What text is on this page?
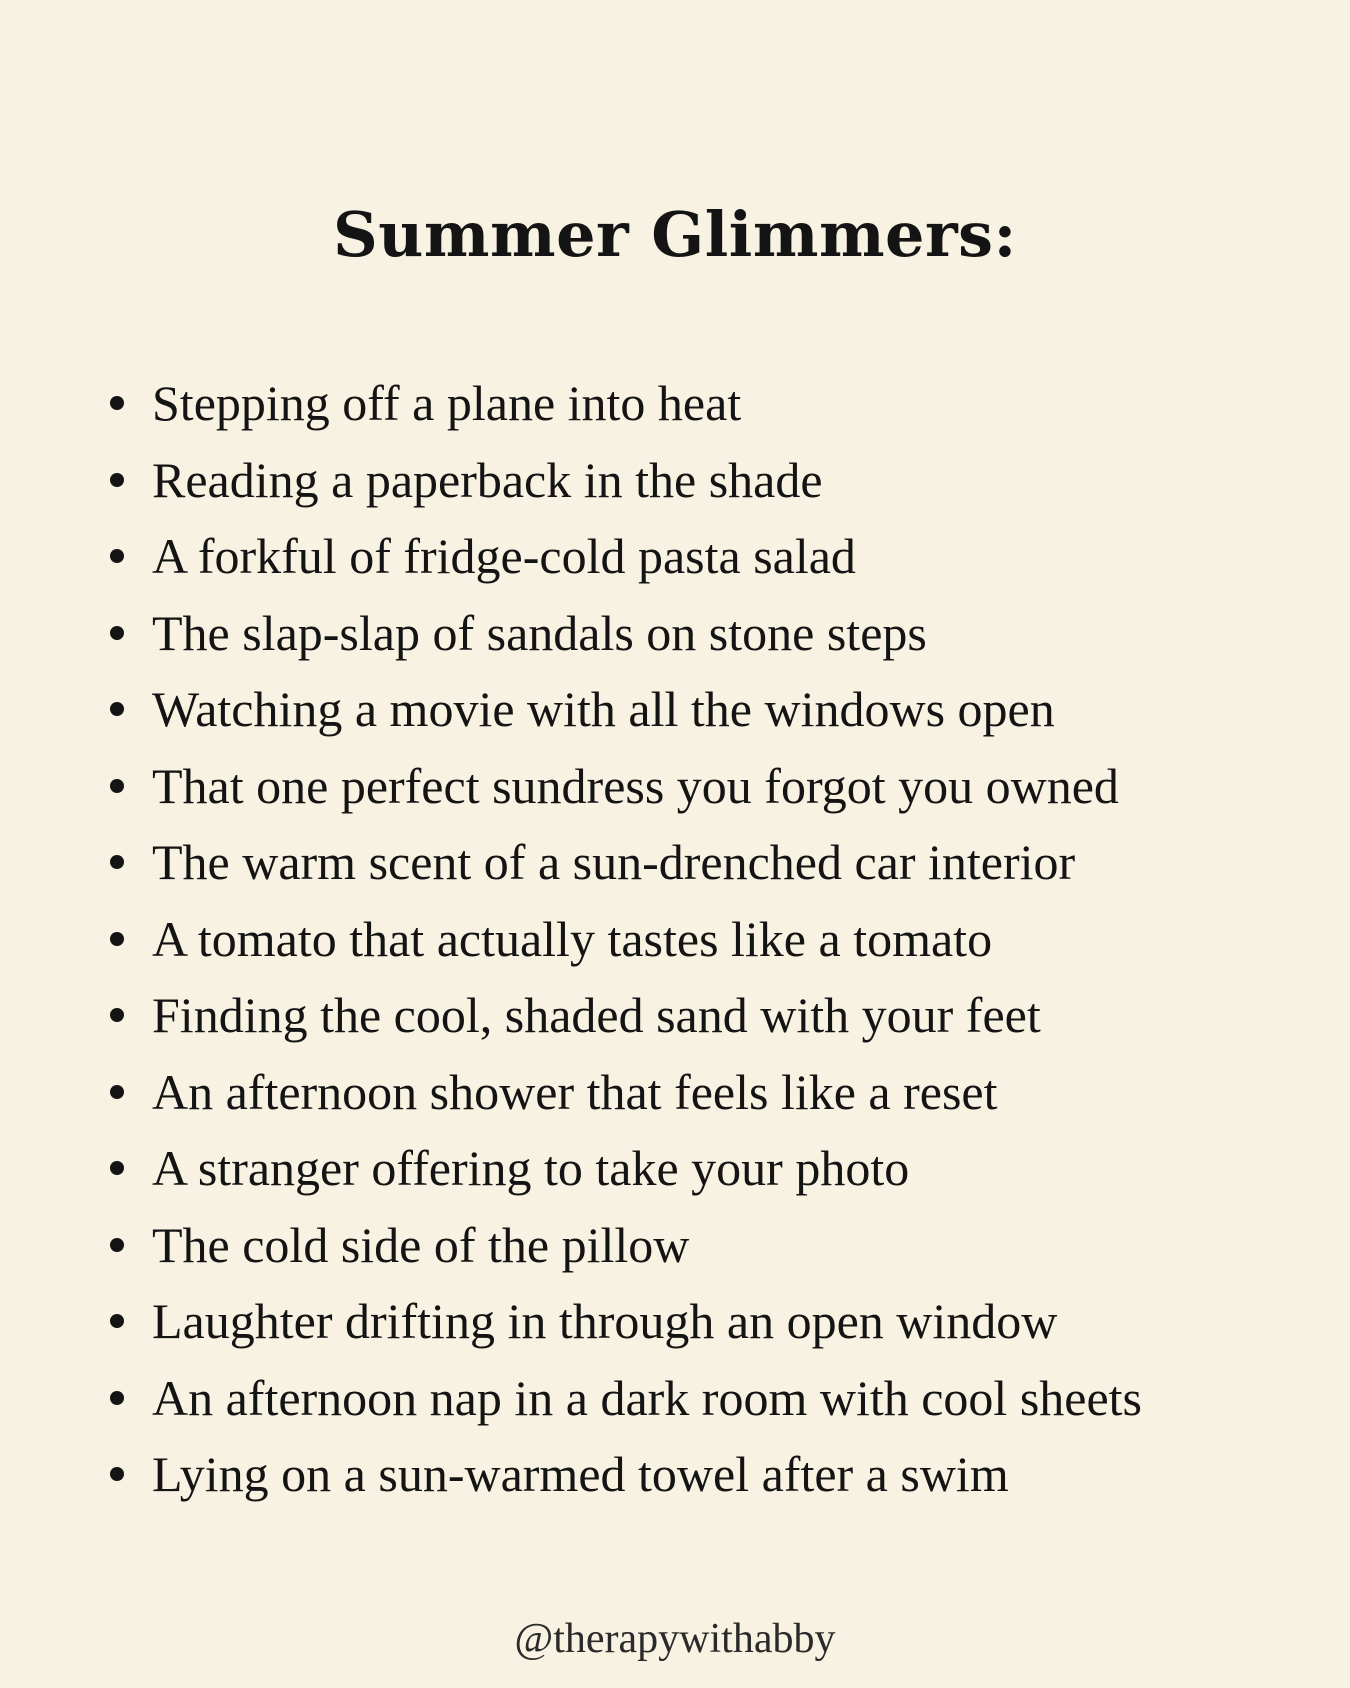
Summer Glimmers:
Stepping off a plane into heat
Reading a paperback in the shade
A forkful of fridge-cold pasta salad
The slap-slap of sandals on stone steps
Watching a movie with all the windows open
That one perfect sundress you forgot you owned
The warm scent of a sun-drenched car interior
A tomato that actually tastes like a tomato
Finding the cool, shaded sand with your feet
An afternoon shower that feels like a reset
A stranger offering to take your photo
The cold side of the pillow
Laughter drifting in through an open window
An afternoon nap in a dark room with cool sheets
Lying on a sun-warmed towel after a swim

@therapywithabby
